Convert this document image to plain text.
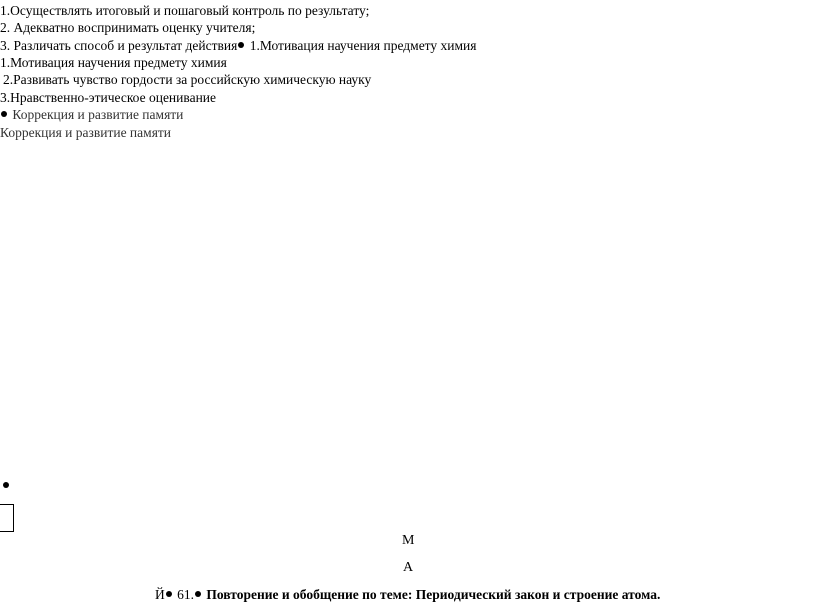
1.Осуществлять итоговый и пошаговый контроль по результату;
2. Адекватно воспринимать оценку учителя;
3. Различать способ и результат действия 1.Мотивация научения предмету химия
1.Мотивация научения предмету химия
2.Развивать чувство гордости за российскую химическую науку
3.Нравственно-этическое оценивание
Коррекция и развитие памяти
Коррекция и развитие памяти
М
А
Й 61. Повторение и обобщение по теме: Периодический закон и строение атома.
